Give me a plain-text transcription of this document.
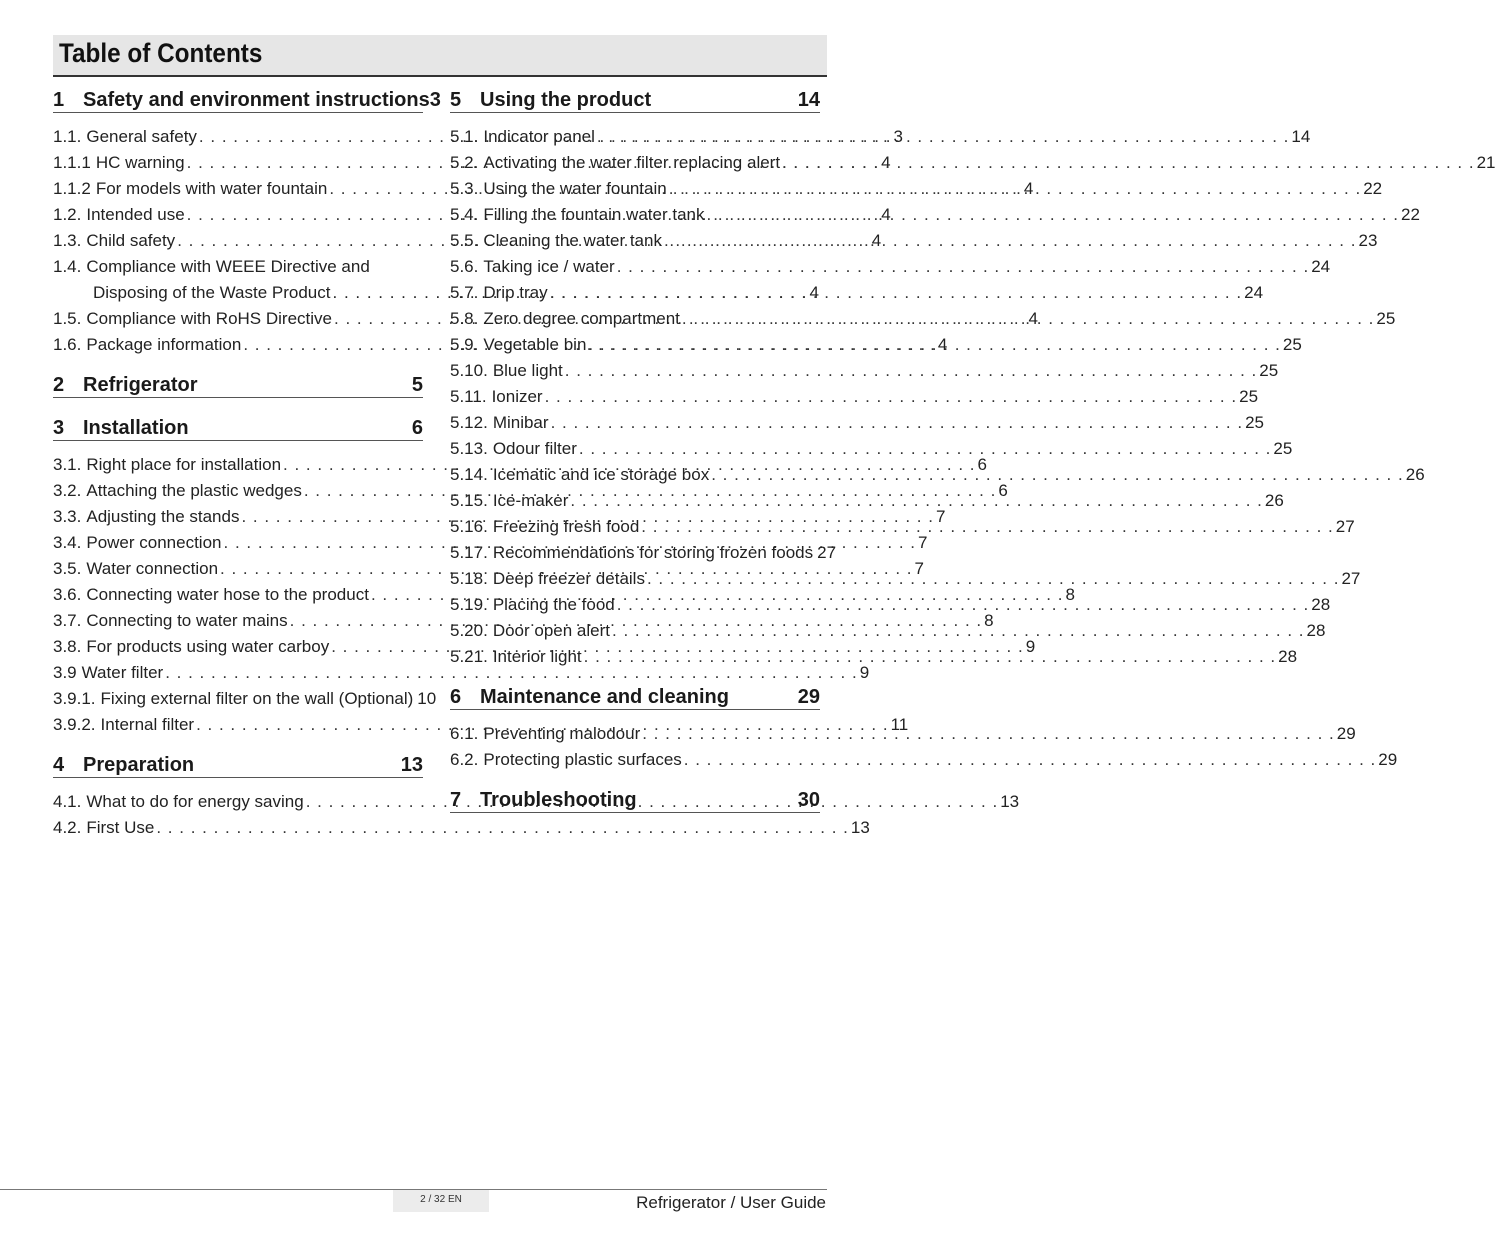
Table of Contents
1 Safety and environment instructions 3
1.1. General safety . . .	3
1.1.1 HC warning . . .	4
1.1.2 For models with water fountain . . .	4
1.2. Intended use . . .	4
1.3. Child safety . . .	4
1.4. Compliance with WEEE Directive and
Disposing of the Waste Product . . .	4
1.5. Compliance with RoHS Directive . . .	4
1.6. Package information . . .	4
2 Refrigerator	5
3 Installation	6
3.1. Right place for installation . . .	6
3.2. Attaching the plastic wedges . . .	6
3.3. Adjusting the stands . . .	7
3.4. Power connection . . .	7
3.5. Water connection . . .	7
3.6. Connecting water hose to the product . . .	8
3.7. Connecting to water mains . . .	8
3.8. For products using water carboy . . .	9
3.9 Water filter . . .	9
3.9.1. Fixing external filter on the wall (Optional) 10
3.9.2. Internal filter . . .	11
4 Preparation	13
4.1. What to do for energy saving . . .	13
4.2. First Use . . .	13
5 Using the product	14
5.1. Indicator panel . . .	14
5.2. Activating the water filter replacing alert . . .	21
5.3. Using the water fountain . . .	22
5.4. Filling the fountain water tank . . .	22
5.5. Cleaning the water tank . . .	23
5.6. Taking ice / water . . .	24
5.7. Drip tray . . .	24
5.8. Zero degree compartment . . .	25
5.9. Vegetable bin . . .	25
5.10. Blue light . . .	25
5.11. Ionizer . . .	25
5.12. Minibar . . .	25
5.13. Odour filter . . .	25
5.14. Icematic and ice storage box . . .	26
5.15. Ice-maker . . .	26
5.16. Freezing fresh food . . .	27
5.17. Recommendations for storing frozen foods 27
5.18. Deep freezer details . . .	27
5.19. Placing the food . . .	28
5.20. Door open alert . . .	28
5.21. Interior light . . .	28
6 Maintenance and cleaning	29
6.1. Preventing malodour . . .	29
6.2. Protecting plastic surfaces . . .	29
7 Troubleshooting	30
2 / 32 EN	Refrigerator / User Guide
